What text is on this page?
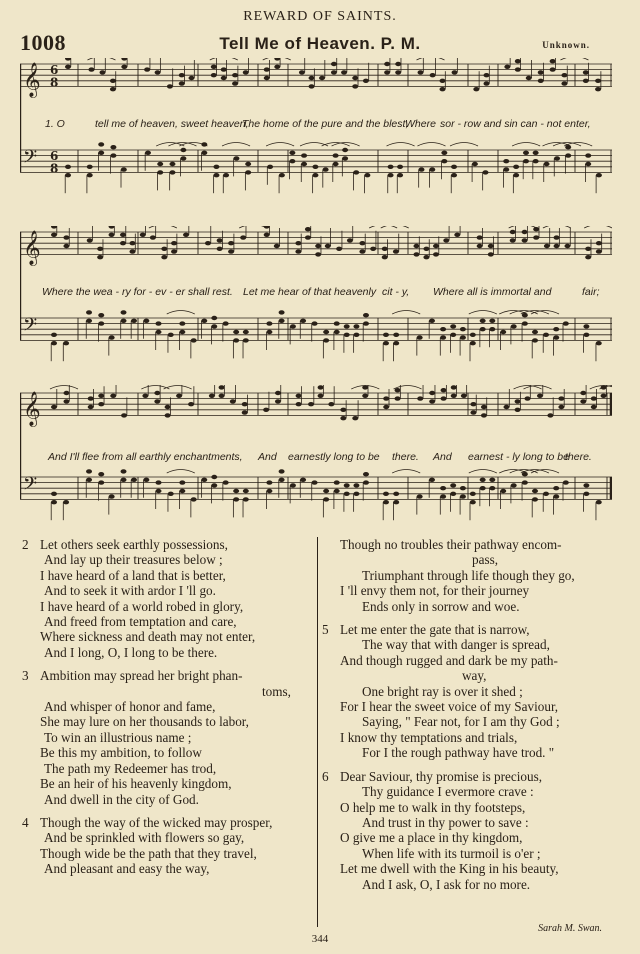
REWARD OF SAINTS.
1008	Tell Me of Heaven. P. M.	Unknown.
𝄞 6
8
𝄢 6
8
1. O	tell me of heaven, sweet heaven,
The home of the pure and the blest,
Where sor - row and sin can - not enter,
𝄞
𝄢
Where the wea - ry for - ev - er shall rest. Let me hear of that heavenly cit - y, Where all is immortal and	fair;
𝄞
𝄢
And I'll flee from all earthly enchantments, And earnestly long to be there. And earnest - ly long to be
there.
2 Let others seek earthly possessions,
And lay up their treasures below ;
I have heard of a land that is better,
And to seek it with ardor I 'll go.
I have heard of a world robed in glory,
And freed from temptation and care,
Where sickness and death may not enter,
And I long, O, I long to be there.
3 Ambition may spread her bright phan-
toms,
And whisper of honor and fame,
She may lure on her thousands to labor,
To win an illustrious name ;
Be this my ambition, to follow
The path my Redeemer has trod,
Be an heir of his heavenly kingdom,
And dwell in the city of God.
4 Though the way of the wicked may prosper,
And be sprinkled with flowers so gay,
Though wide be the path that they travel,
And pleasant and easy the way,
Though no troubles their pathway encom-
pass,
Triumphant through life though they go,
I 'll envy them not, for their journey
Ends only in sorrow and woe.
5 Let me enter the gate that is narrow,
The way that with danger is spread,
And though rugged and dark be my path-
way,
One bright ray is over it shed ;
For I hear the sweet voice of my Saviour,
Saying, " Fear not, for I am thy God ;
I know thy temptations and trials,
For I the rough pathway have trod. "
6 Dear Saviour, thy promise is precious,
Thy guidance I evermore crave :
O help me to walk in thy footsteps,
And trust in thy power to save :
O give me a place in thy kingdom,
When life with its turmoil is o'er ;
Let me dwell with the King in his beauty,
And I ask, O, I ask for no more.
Sarah M. Swan.
344
